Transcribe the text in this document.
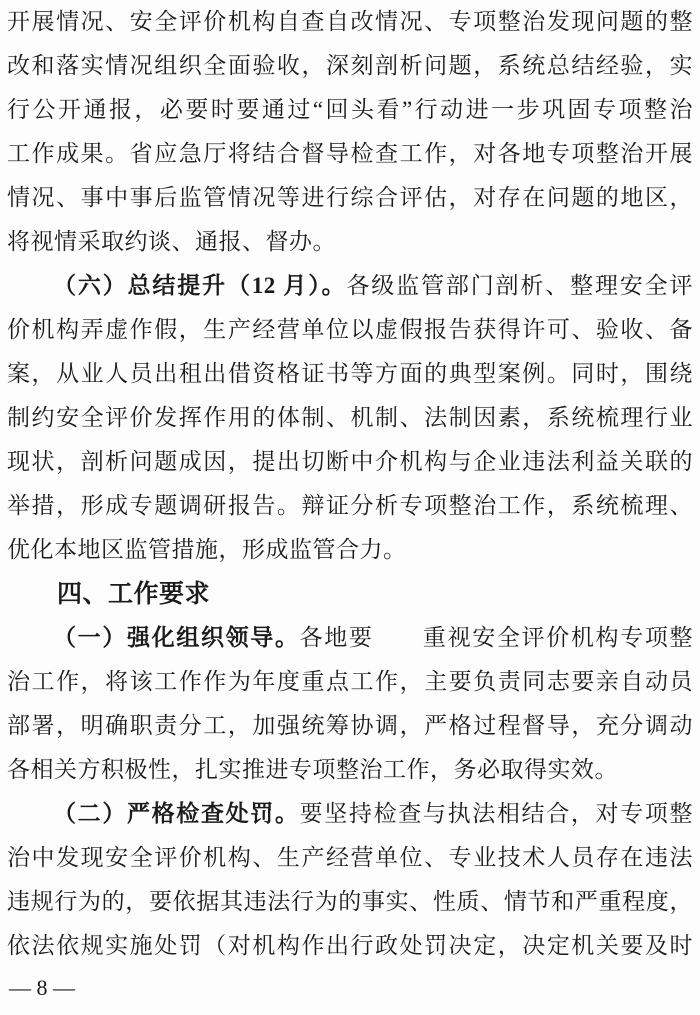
开展情况、安全评价机构自查自改情况、专项整治发现问题的整
改和落实情况组织全面验收，深刻剖析问题，系统总结经验，实
行公开通报，必要时要通过“回头看”行动进一步巩固专项整治
工作成果。省应急厅将结合督导检查工作，对各地专项整治开展
情况、事中事后监管情况等进行综合评估，对存在问题的地区，
将视情采取约谈、通报、督办。
（六）总结提升（12 月）。各级监管部门剖析、整理安全评
价机构弄虚作假，生产经营单位以虚假报告获得许可、验收、备
案，从业人员出租出借资格证书等方面的典型案例。同时，围绕
制约安全评价发挥作用的体制、机制、法制因素，系统梳理行业
现状，剖析问题成因，提出切断中介机构与企业违法利益关联的
举措，形成专题调研报告。辩证分析专项整治工作，系统梳理、
优化本地区监管措施，形成监管合力。
四、工作要求
（一）强化组织领导。各地要　　重视安全评价机构专项整
治工作，将该工作作为年度重点工作，主要负责同志要亲自动员
部署，明确职责分工，加强统筹协调，严格过程督导，充分调动
各相关方积极性，扎实推进专项整治工作，务必取得实效。
（二）严格检查处罚。要坚持检查与执法相结合，对专项整
治中发现安全评价机构、生产经营单位、专业技术人员存在违法
违规行为的，要依据其违法行为的事实、性质、情节和严重程度，
依法依规实施处罚（对机构作出行政处罚决定，决定机关要及时
— 8 —
